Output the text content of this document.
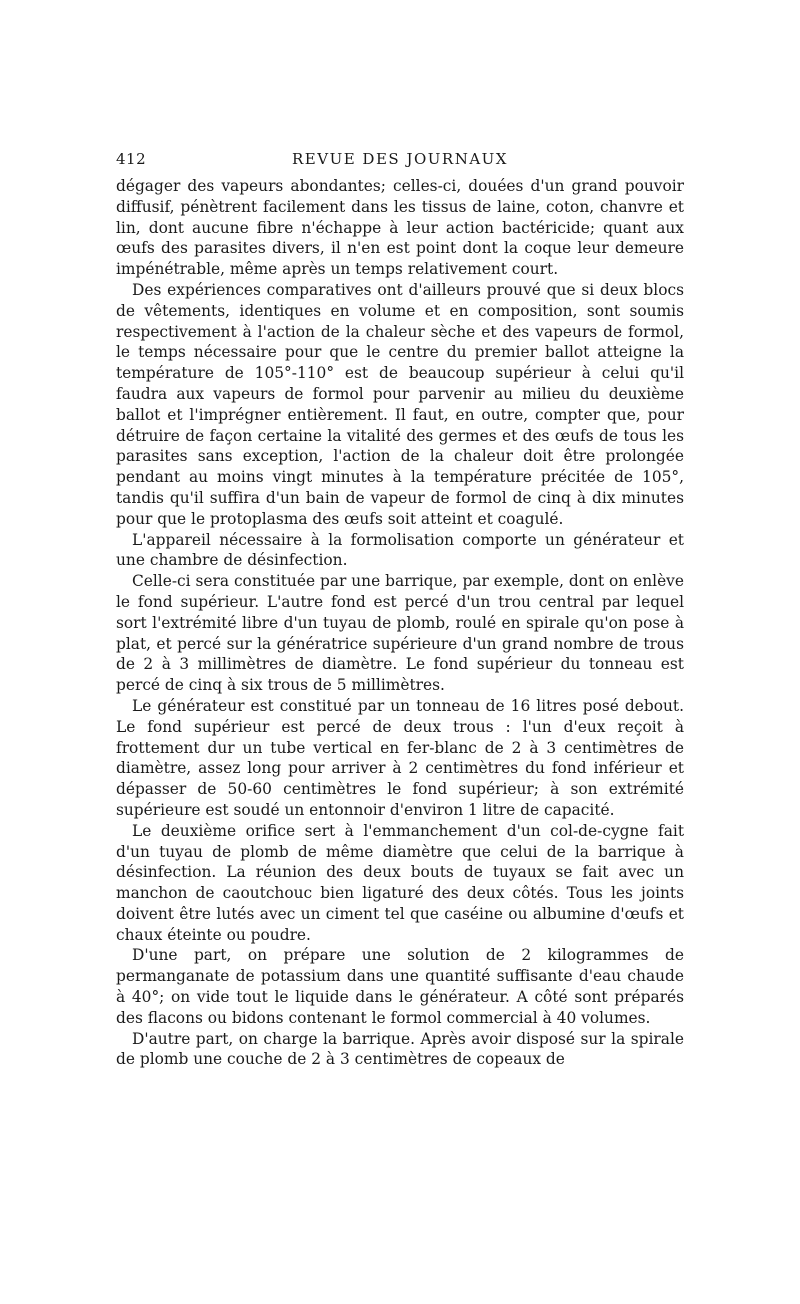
412	REVUE DES JOURNAUX

dégager des vapeurs abondantes; celles-ci, douées d'un grand pouvoir diffusif, pénètrent facilement dans les tissus de laine, coton, chanvre et lin, dont aucune fibre n'échappe à leur action bactéricide; quant aux œufs des parasites divers, il n'en est point dont la coque leur demeure impénétrable, même après un temps relativement court.

Des expériences comparatives ont d'ailleurs prouvé que si deux blocs de vêtements, identiques en volume et en composition, sont soumis respectivement à l'action de la chaleur sèche et des vapeurs de formol, le temps nécessaire pour que le centre du premier ballot atteigne la température de 105°-110° est de beaucoup supérieur à celui qu'il faudra aux vapeurs de formol pour parvenir au milieu du deuxième ballot et l'imprégner entièrement. Il faut, en outre, compter que, pour détruire de façon certaine la vitalité des germes et des œufs de tous les parasites sans exception, l'action de la chaleur doit être prolongée pendant au moins vingt minutes à la température précitée de 105°, tandis qu'il suffira d'un bain de vapeur de formol de cinq à dix minutes pour que le protoplasma des œufs soit atteint et coagulé.

L'appareil nécessaire à la formolisation comporte un générateur et une chambre de désinfection.

Celle-ci sera constituée par une barrique, par exemple, dont on enlève le fond supérieur. L'autre fond est percé d'un trou central par lequel sort l'extrémité libre d'un tuyau de plomb, roulé en spirale qu'on pose à plat, et percé sur la génératrice supérieure d'un grand nombre de trous de 2 à 3 millimètres de diamètre. Le fond supérieur du tonneau est percé de cinq à six trous de 5 millimètres.

Le générateur est constitué par un tonneau de 16 litres posé debout. Le fond supérieur est percé de deux trous : l'un d'eux reçoit à frottement dur un tube vertical en fer-blanc de 2 à 3 centimètres de diamètre, assez long pour arriver à 2 centimètres du fond inférieur et dépasser de 50-60 centimètres le fond supérieur; à son extrémité supérieure est soudé un entonnoir d'environ 1 litre de capacité.

Le deuxième orifice sert à l'emmanchement d'un col-de-cygne fait d'un tuyau de plomb de même diamètre que celui de la barrique à désinfection. La réunion des deux bouts de tuyaux se fait avec un manchon de caoutchouc bien ligaturé des deux côtés. Tous les joints doivent être lutés avec un ciment tel que caséine ou albumine d'œufs et chaux éteinte ou poudre.

D'une part, on prépare une solution de 2 kilogrammes de permanganate de potassium dans une quantité suffisante d'eau chaude à 40°; on vide tout le liquide dans le générateur. A côté sont préparés des flacons ou bidons contenant le formol commercial à 40 volumes.

D'autre part, on charge la barrique. Après avoir disposé sur la spirale de plomb une couche de 2 à 3 centimètres de copeaux de
